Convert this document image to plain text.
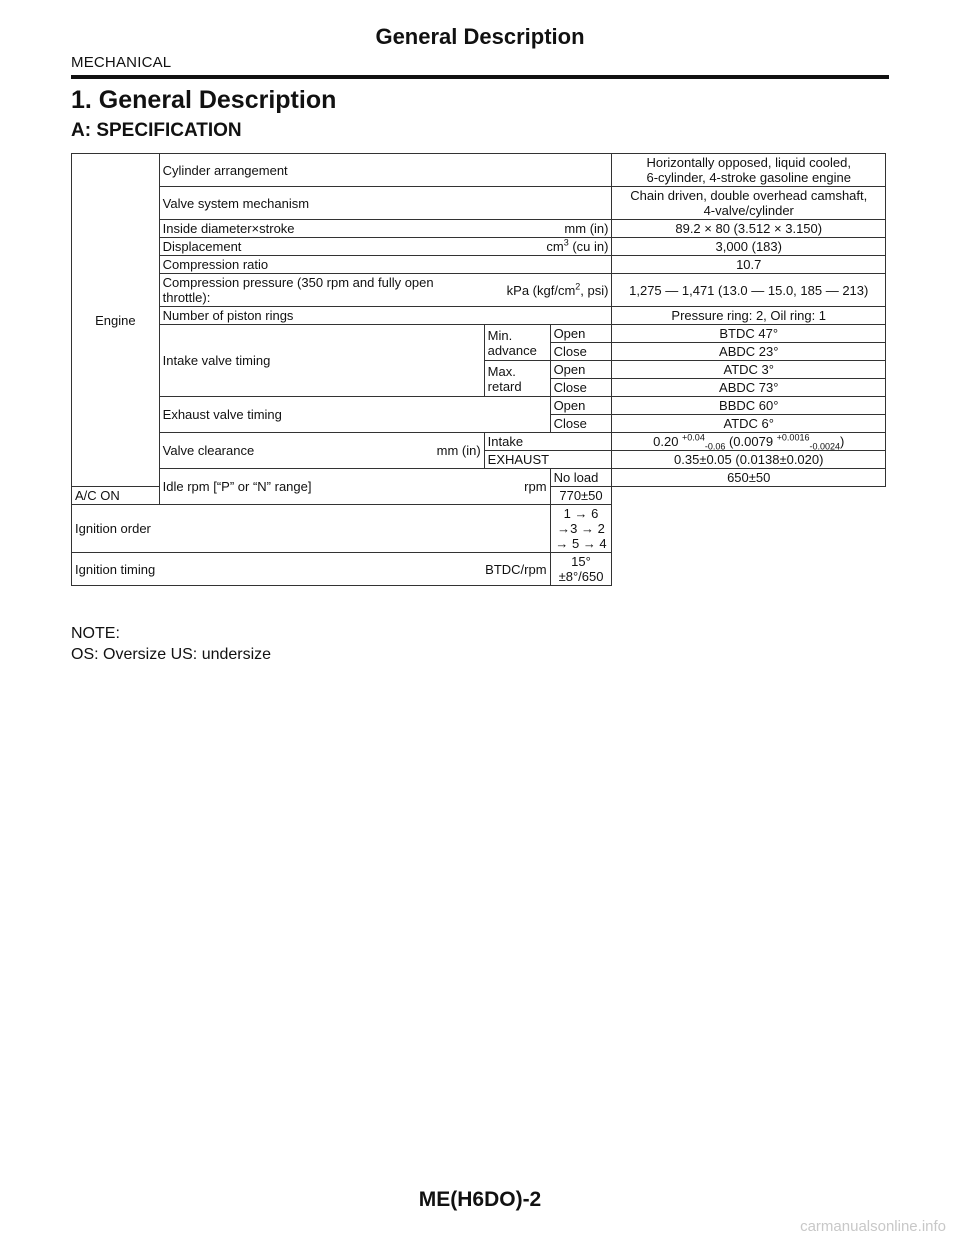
General Description
MECHANICAL
1. General Description
A: SPECIFICATION
Engine	Cylinder arrangement			Horizontally opposed, liquid cooled,
6-cylinder, 4-stroke gasoline engine

	Valve system mechanism			Chain driven, double overhead camshaft,
4-valve/cylinder

	Inside diameter×stroke mm (in)			89.2 × 80 (3.512 × 3.150)

	Displacement $cm^3$ (cu in)			3,000 (183)
	Compression ratio			10.7

	Compression pressure (350 rpm and fully open
throttle): kPa ($kgf/cm^2$, psi)			1,275 — 1,471 (13.0 — 15.0, 185 — 213)
	Number of piston rings			Pressure ring: 2, Oil ring: 1
	Intake valve timing	Min. advance	Open	BTDC 47°
			Close	ABDC 23°
		Max. retard	Open	ATDC 3°
			Close	ABDC 73°
	Exhaust valve timing		Open	BBDC 60°
			Close	ATDC 6°

	Valve clearance mm (in)	Intake		0.20 $^{+0.04}_{-0.06}$ (0.0079 $^{+0.0016}_{-0.0024}$)
		EXHAUST		0.35±0.05 (0.0138±0.020)

	Idle rpm [“P” or “N” range] rpm		No load	650±50
A/C ON			770±50	
Ignition order			1 → 6 →3 → 2 → 5 → 4	

Ignition timing BTDC/rpm			15°±8°/650	
NOTE:
OS: Oversize US: undersize
ME(H6DO)-2
carmanualsonline.info
